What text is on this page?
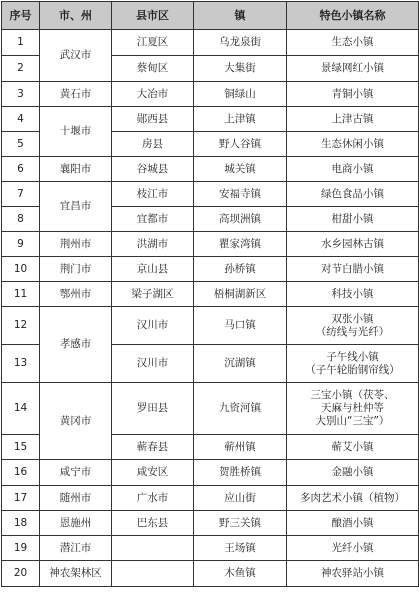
序号	市、州	县市区	镇	特色小镇名称
1	武汉市	江夏区	乌龙泉街	生态小镇
2		蔡甸区	大集街	景绿网红小镇
3	黄石市	大冶市	铜绿山	青铜小镇
4	十堰市	郧西县	上津镇	上津古镇
5		房县	野人谷镇	生态休闲小镇
6	襄阳市	谷城县	城关镇	电商小镇
7	宜昌市	枝江市	安福寺镇	绿色食品小镇
8		宜都市	高坝洲镇	柑甜小镇
9	荆州市	洪湖市	瞿家湾镇	水乡园林古镇
10	荆门市	京山县	孙桥镇	对节白腊小镇
11	鄂州市	梁子湖区	梧桐湖新区	科技小镇
12	孝感市	汉川市	马口镇	双张小镇
（纺线与光纤）
13		汉川市	沉湖镇	子午线小镇
（子午轮胎钢帘线）
14	黄冈市	罗田县	九资河镇	三宝小镇（茯苓、
天麻与杜仲等
大别山“三宝”）
15		蕲春县	蕲州镇	蕲艾小镇
16	咸宁市	咸安区	贺胜桥镇	金融小镇
17	随州市	广水市	应山街	多肉艺术小镇（植物）
18	恩施州	巴东县	野三关镇	酿酒小镇
19	潜江市		王场镇	光纤小镇
20	神农架林区		木鱼镇	神农驿站小镇
